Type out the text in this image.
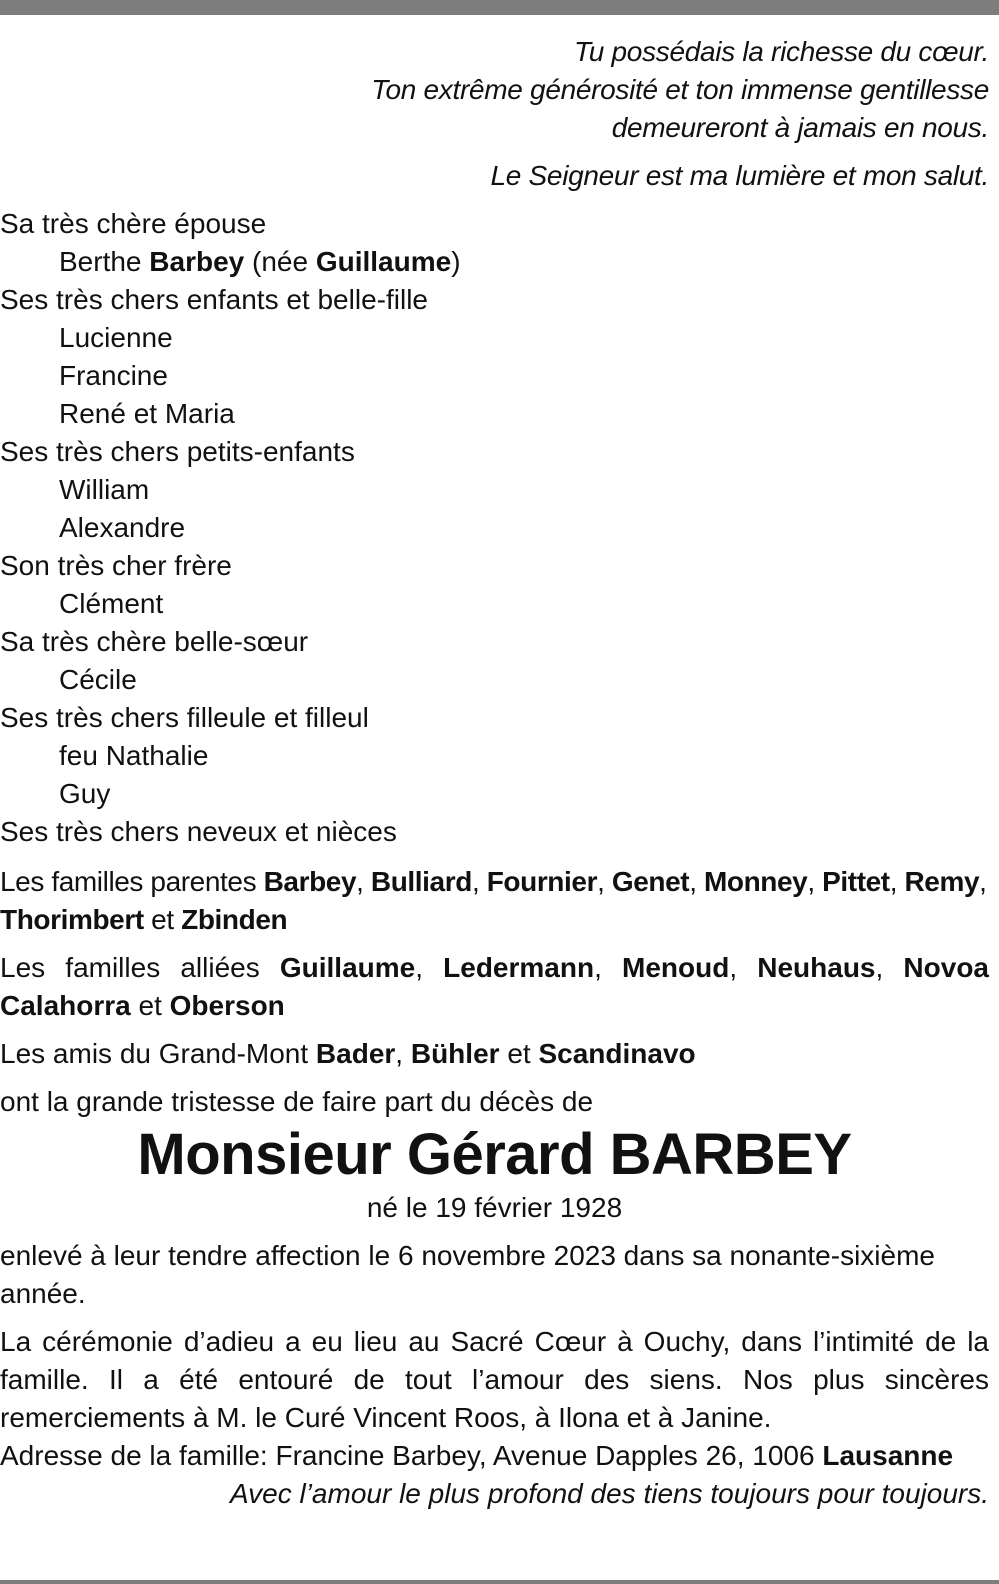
Tu possédais la richesse du cœur.

Ton extrême générosité et ton immense gentillesse

demeureront à jamais en nous.

Le Seigneur est ma lumière et mon salut.

Sa très chère épouse

Berthe Barbey (née Guillaume)

Ses très chers enfants et belle-fille

Lucienne

Francine

René et Maria

Ses très chers petits-enfants

William

Alexandre

Son très cher frère

Clément

Sa très chère belle-sœur

Cécile

Ses très chers filleule et filleul

feu Nathalie

Guy

Ses très chers neveux et nièces

Les familles parentes Barbey, Bulliard, Fournier, Genet, Monney, Pittet, Remy, Thorimbert et Zbinden

Les familles alliées Guillaume, Ledermann, Menoud, Neuhaus, Novoa Calahorra et Oberson

Les amis du Grand-Mont Bader, Bühler et Scandinavo

ont la grande tristesse de faire part du décès de

Monsieur Gérard BARBEY

né le 19 février 1928

enlevé à leur tendre affection le 6 novembre 2023 dans sa nonante-sixième année.

La cérémonie d’adieu a eu lieu au Sacré Cœur à Ouchy, dans l’intimité de la famille. Il a été entouré de tout l’amour des siens. Nos plus sincères remerciements à M. le Curé Vincent Roos, à Ilona et à Janine.

Adresse de la famille: Francine Barbey, Avenue Dapples 26, 1006 Lausanne

Avec l’amour le plus profond des tiens toujours pour toujours.
